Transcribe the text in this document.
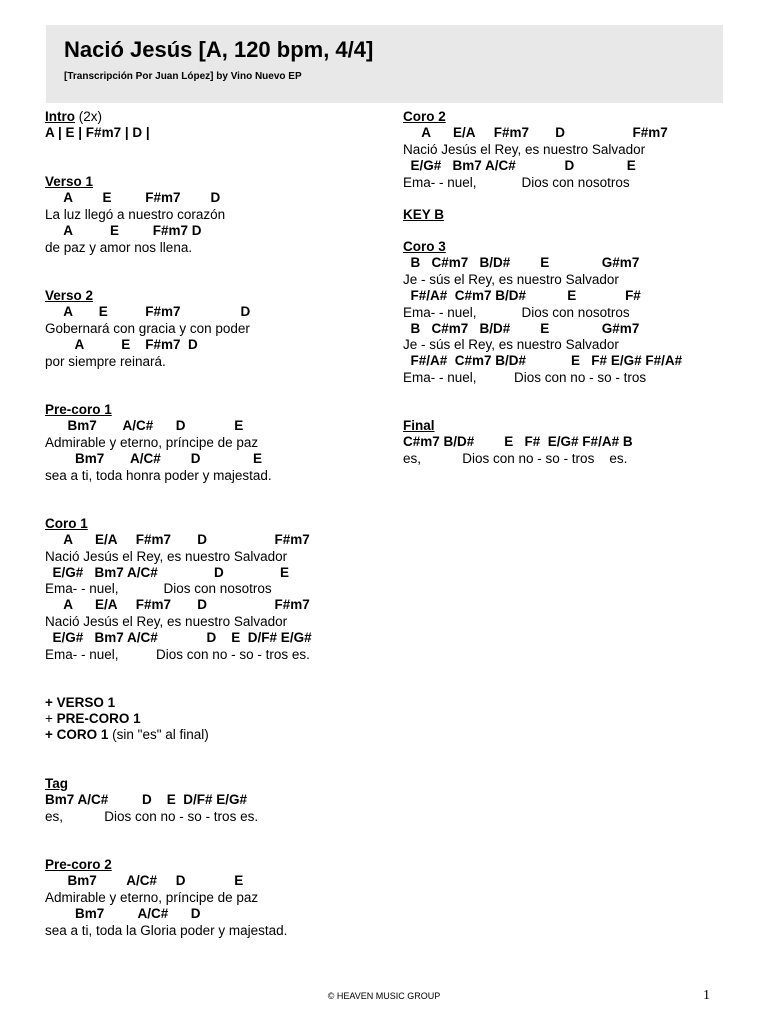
Nació Jesús [A, 120 bpm, 4/4]
[Transcripción Por Juan López] by Vino Nuevo EP
Intro (2x)
A | E | F#m7 | D |
Verso 1
A        E         F#m7        D
La luz llegó a nuestro corazón
A          E         F#m7 D
de paz y amor nos llena.
Verso 2
A       E          F#m7                D
Gobernará con gracia y con poder
A          E    F#m7  D
por siempre reinará.
Pre-coro 1
Bm7       A/C#      D             E
Admirable y eterno, príncipe de paz
Bm7       A/C#        D              E
sea a ti, toda honra poder y majestad.
Coro 1
A      E/A     F#m7       D                  F#m7
Nació Jesús el Rey, es nuestro Salvador
E/G#   Bm7 A/C#               D               E
Ema- - nuel,            Dios con nosotros
A      E/A     F#m7       D                  F#m7
Nació Jesús el Rey, es nuestro Salvador
E/G#   Bm7 A/C#             D    E  D/F# E/G#
Ema- - nuel,          Dios con no - so - tros es.
+ VERSO 1
+ PRE-CORO 1
+ CORO 1 (sin "es" al final)
Tag
Bm7 A/C#         D    E  D/F# E/G#
es,           Dios con no - so - tros es.
Pre-coro 2
Bm7        A/C#     D             E
Admirable y eterno, príncipe de paz
Bm7         A/C#      D
sea a ti, toda la Gloria poder y majestad.
Coro 2
A      E/A     F#m7       D                  F#m7
Nació Jesús el Rey, es nuestro Salvador
E/G#   Bm7 A/C#             D              E
Ema- - nuel,            Dios con nosotros
KEY B
Coro 3
B   C#m7   B/D#        E              G#m7
Je - sús el Rey, es nuestro Salvador
F#/A#  C#m7 B/D#           E             F#
Ema- - nuel,            Dios con nosotros
B   C#m7   B/D#        E              G#m7
Je - sús el Rey, es nuestro Salvador
F#/A#  C#m7 B/D#            E   F# E/G# F#/A#
Ema- - nuel,          Dios con no - so - tros
Final
C#m7 B/D#        E   F#  E/G# F#/A# B
es,           Dios con no - so - tros    es.
© HEAVEN MUSIC GROUP	1
